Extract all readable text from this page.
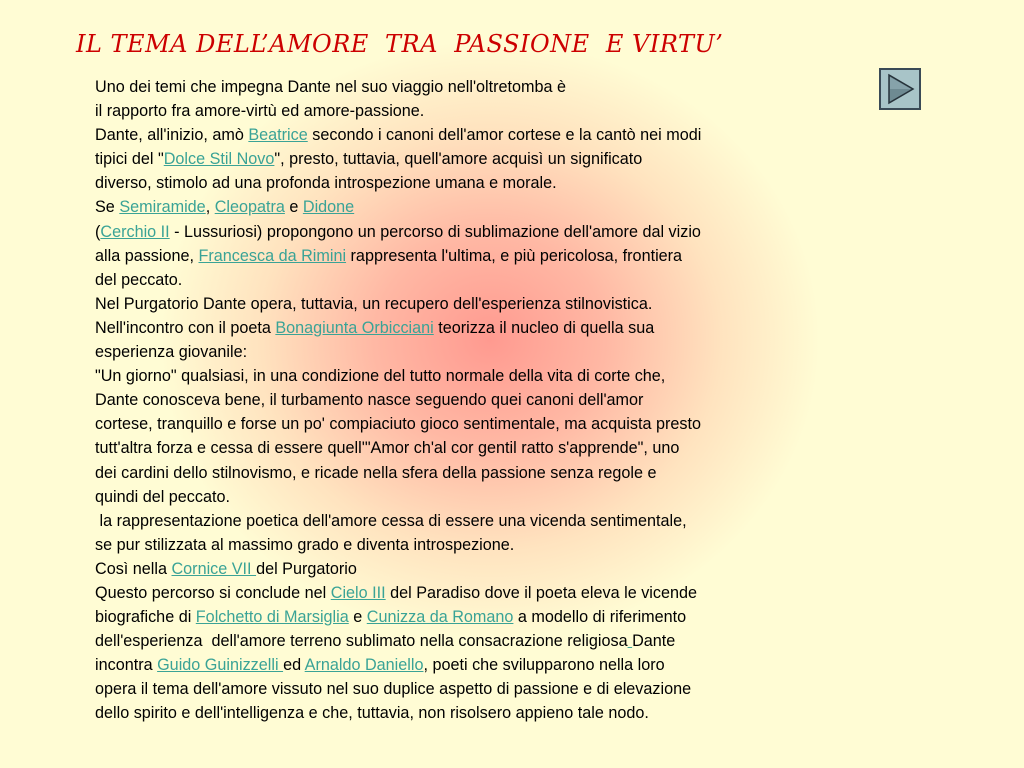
IL TEMA DELL’AMORE  TRA  PASSIONE  E VIRTU’
Uno dei temi che impegna Dante nel suo viaggio nell'oltretomba è
il rapporto fra amore-virtù ed amore-passione.
Dante, all'inizio, amò Beatrice secondo i canoni dell'amor cortese e la cantò nei modi
tipici del "Dolce Stil Novo", presto, tuttavia, quell'amore acquisì un significato
diverso, stimolo ad una profonda introspezione umana e morale.
Se Semiramide, Cleopatra e Didone
(Cerchio II - Lussuriosi) propongono un percorso di sublimazione dell'amore dal vizio
alla passione, Francesca da Rimini rappresenta l'ultima, e più pericolosa, frontiera
del peccato.
Nel Purgatorio Dante opera, tuttavia, un recupero dell'esperienza stilnovistica.
Nell'incontro con il poeta Bonagiunta Orbicciani teorizza il nucleo di quella sua
esperienza giovanile:
"Un giorno" qualsiasi, in una condizione del tutto normale della vita di corte che,
Dante conosceva bene, il turbamento nasce seguendo quei canoni dell'amor
cortese, tranquillo e forse un po' compiaciuto gioco sentimentale, ma acquista presto
tutt'altra forza e cessa di essere quell'"Amor ch'al cor gentil ratto s'apprende", uno
dei cardini dello stilnovismo, e ricade nella sfera della passione senza regole e
quindi del peccato.
la rappresentazione poetica dell'amore cessa di essere una vicenda sentimentale,
se pur stilizzata al massimo grado e diventa introspezione.
Così nella Cornice VII del Purgatorio
Questo percorso si conclude nel Cielo III del Paradiso dove il poeta eleva le vicende
biografiche di Folchetto di Marsiglia e Cunizza da Romano a modello di riferimento
dell'esperienza  dell'amore terreno sublimato nella consacrazione religiosa Dante
incontra Guido Guinizzelli ed Arnaldo Daniello, poeti che svilupparono nella loro
opera il tema dell'amore vissuto nel suo duplice aspetto di passione e di elevazione
dello spirito e dell'intelligenza e che, tuttavia, non risolsero appieno tale nodo.
